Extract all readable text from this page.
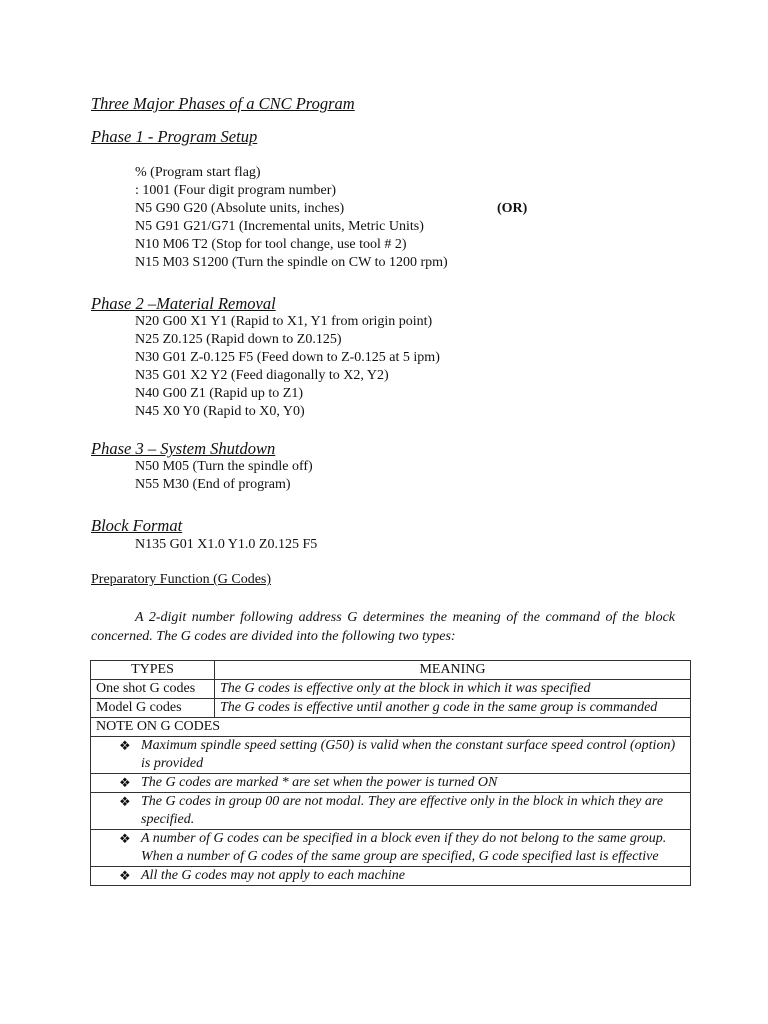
Three Major Phases of a CNC Program
Phase 1 - Program Setup
% (Program start flag)
: 1001 (Four digit program number)
N5 G90 G20 (Absolute units, inches)	(OR)
N5 G91 G21/G71 (Incremental units, Metric Units)
N10 M06 T2 (Stop for tool change, use tool # 2)
N15 M03 S1200 (Turn the spindle on CW to 1200 rpm)
Phase 2 –Material Removal
N20 G00 X1 Y1 (Rapid to X1, Y1 from origin point)
N25 Z0.125 (Rapid down to Z0.125)
N30 G01 Z-0.125 F5 (Feed down to Z-0.125 at 5 ipm)
N35 G01 X2 Y2 (Feed diagonally to X2, Y2)
N40 G00 Z1 (Rapid up to Z1)
N45 X0 Y0 (Rapid to X0, Y0)
Phase 3 – System Shutdown
N50 M05 (Turn the spindle off)
N55 M30 (End of program)
Block Format
N135 G01 X1.0 Y1.0 Z0.125 F5
Preparatory Function (G Codes)
A 2-digit number following address G determines the meaning of the command of the block concerned. The G codes are divided into the following two types:
TYPES	MEANING
One shot G codes	The G codes is effective only at the block in which it was specified
Model G codes	The G codes is effective until another g code in the same group is commanded
NOTE ON G CODES	

❖ Maximum spindle speed setting (G50) is valid when the constant surface speed control (option) is provided	

❖ The G codes are marked * are set when the power is turned ON	

❖ The G codes in group 00 are not modal. They are effective only in the block in which they are specified.	

❖ A number of G codes can be specified in a block even if they do not belong to the same group. When a number of G codes of the same group are specified, G code specified last is effective	

❖ All the G codes may not apply to each machine	
